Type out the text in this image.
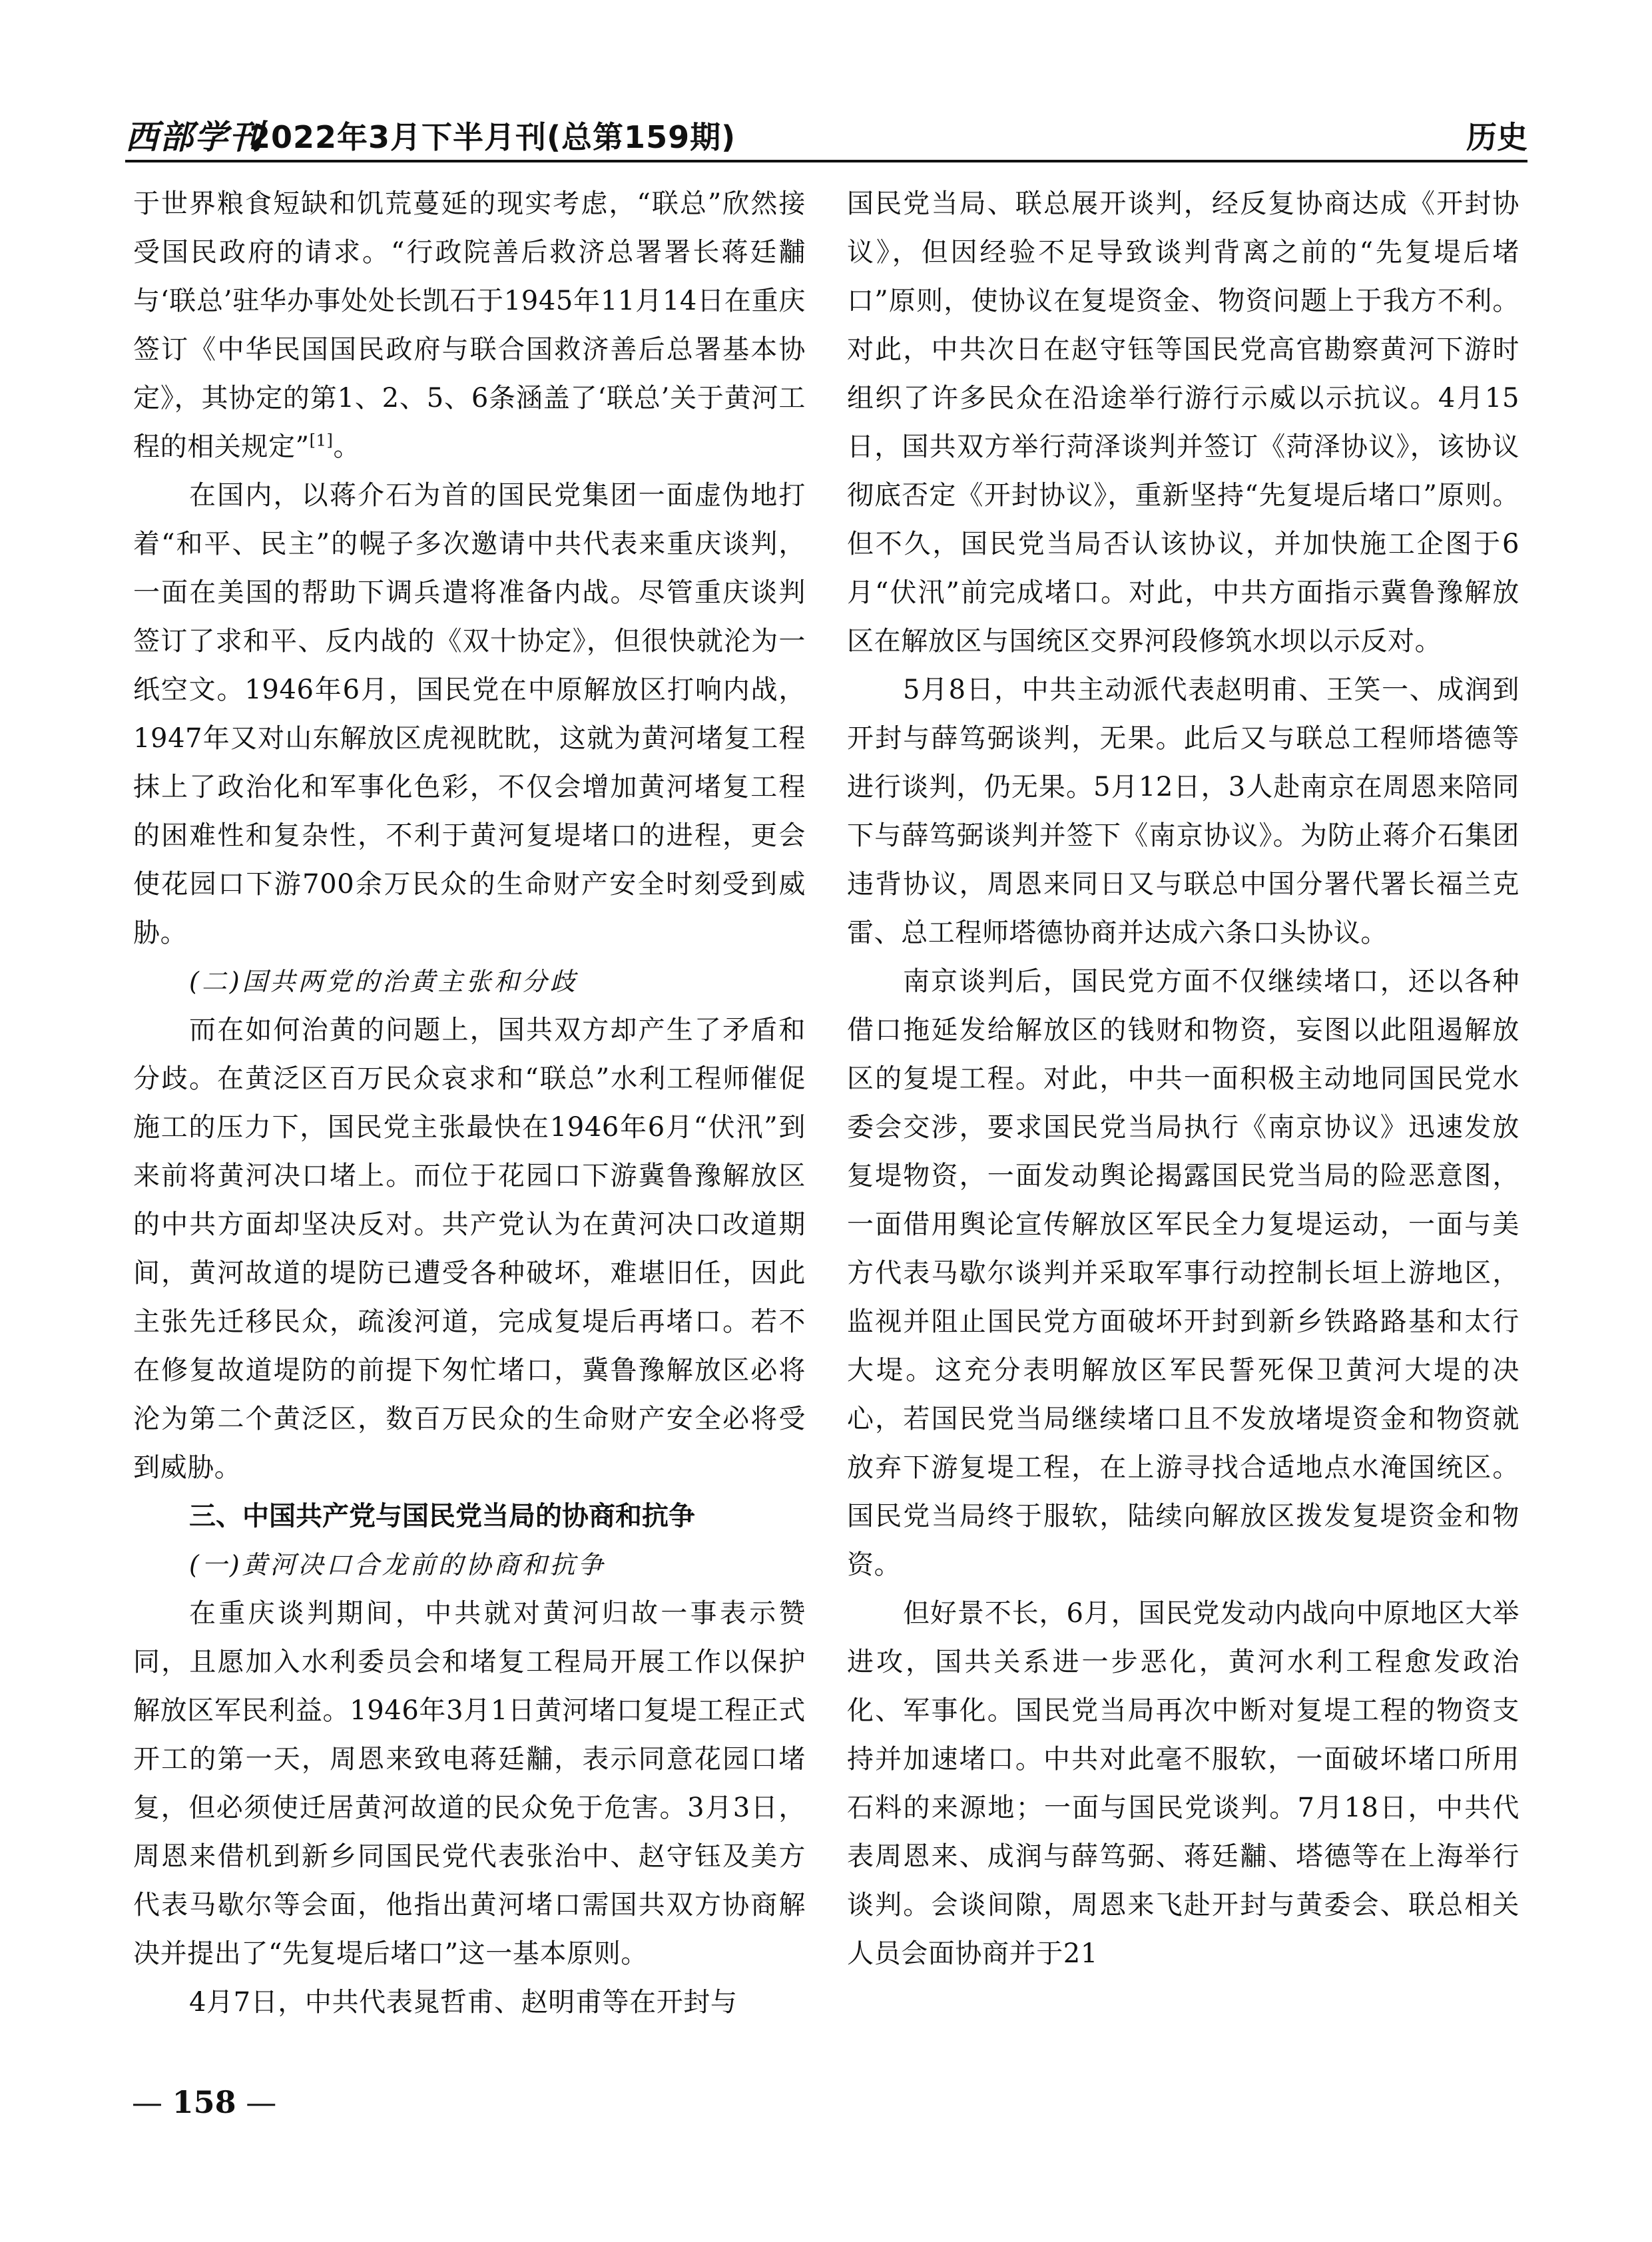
西部学刊
2022年3月下半月刊(总第159期)	历史

于世界粮食短缺和饥荒蔓延的现实考虑，“联总”欣然接受国民政府的请求。“行政院善后救济总署署长蒋廷黼与‘联总’驻华办事处处长凯石于1945年11月14日在重庆签订《中华民国国民政府与联合国救济善后总署基本协定》，其协定的第1、2、5、6条涵盖了‘联总’关于黄河工程的相关规定”[1]。

在国内，以蒋介石为首的国民党集团一面虚伪地打着“和平、民主”的幌子多次邀请中共代表来重庆谈判，一面在美国的帮助下调兵遣将准备内战。尽管重庆谈判签订了求和平、反内战的《双十协定》，但很快就沦为一纸空文。1946年6月，国民党在中原解放区打响内战，1947年又对山东解放区虎视眈眈，这就为黄河堵复工程抹上了政治化和军事化色彩，不仅会增加黄河堵复工程的困难性和复杂性，不利于黄河复堤堵口的进程，更会使花园口下游700余万民众的生命财产安全时刻受到威胁。

(二)国共两党的治黄主张和分歧

而在如何治黄的问题上，国共双方却产生了矛盾和分歧。在黄泛区百万民众哀求和“联总”水利工程师催促施工的压力下，国民党主张最快在1946年6月“伏汛”到来前将黄河决口堵上。而位于花园口下游冀鲁豫解放区的中共方面却坚决反对。共产党认为在黄河决口改道期间，黄河故道的堤防已遭受各种破坏，难堪旧任，因此主张先迁移民众，疏浚河道，完成复堤后再堵口。若不在修复故道堤防的前提下匆忙堵口，冀鲁豫解放区必将沦为第二个黄泛区，数百万民众的生命财产安全必将受到威胁。

三、中国共产党与国民党当局的协商和抗争

(一)黄河决口合龙前的协商和抗争

在重庆谈判期间，中共就对黄河归故一事表示赞同，且愿加入水利委员会和堵复工程局开展工作以保护解放区军民利益。1946年3月1日黄河堵口复堤工程正式开工的第一天，周恩来致电蒋廷黼，表示同意花园口堵复，但必须使迁居黄河故道的民众免于危害。3月3日，周恩来借机到新乡同国民党代表张治中、赵守钰及美方代表马歇尔等会面，他指出黄河堵口需国共双方协商解决并提出了“先复堤后堵口”这一基本原则。

4月7日，中共代表晁哲甫、赵明甫等在开封与

国民党当局、联总展开谈判，经反复协商达成《开封协议》，但因经验不足导致谈判背离之前的“先复堤后堵口”原则，使协议在复堤资金、物资问题上于我方不利。对此，中共次日在赵守钰等国民党高官勘察黄河下游时组织了许多民众在沿途举行游行示威以示抗议。4月15日，国共双方举行菏泽谈判并签订《菏泽协议》，该协议彻底否定《开封协议》，重新坚持“先复堤后堵口”原则。但不久，国民党当局否认该协议，并加快施工企图于6月“伏汛”前完成堵口。对此，中共方面指示冀鲁豫解放区在解放区与国统区交界河段修筑水坝以示反对。

5月8日，中共主动派代表赵明甫、王笑一、成润到开封与薛笃弼谈判，无果。此后又与联总工程师塔德等进行谈判，仍无果。5月12日，3人赴南京在周恩来陪同下与薛笃弼谈判并签下《南京协议》。为防止蒋介石集团违背协议，周恩来同日又与联总中国分署代署长福兰克雷、总工程师塔德协商并达成六条口头协议。

南京谈判后，国民党方面不仅继续堵口，还以各种借口拖延发给解放区的钱财和物资，妄图以此阻遏解放区的复堤工程。对此，中共一面积极主动地同国民党水委会交涉，要求国民党当局执行《南京协议》迅速发放复堤物资，一面发动舆论揭露国民党当局的险恶意图，一面借用舆论宣传解放区军民全力复堤运动，一面与美方代表马歇尔谈判并采取军事行动控制长垣上游地区，监视并阻止国民党方面破坏开封到新乡铁路路基和太行大堤。这充分表明解放区军民誓死保卫黄河大堤的决心，若国民党当局继续堵口且不发放堵堤资金和物资就放弃下游复堤工程，在上游寻找合适地点水淹国统区。国民党当局终于服软，陆续向解放区拨发复堤资金和物资。

但好景不长，6月，国民党发动内战向中原地区大举进攻，国共关系进一步恶化，黄河水利工程愈发政治化、军事化。国民党当局再次中断对复堤工程的物资支持并加速堵口。中共对此毫不服软，一面破坏堵口所用石料的来源地；一面与国民党谈判。7月18日，中共代表周恩来、成润与薛笃弼、蒋廷黼、塔德等在上海举行谈判。会谈间隙，周恩来飞赴开封与黄委会、联总相关人员会面协商并于21

— 158 —
